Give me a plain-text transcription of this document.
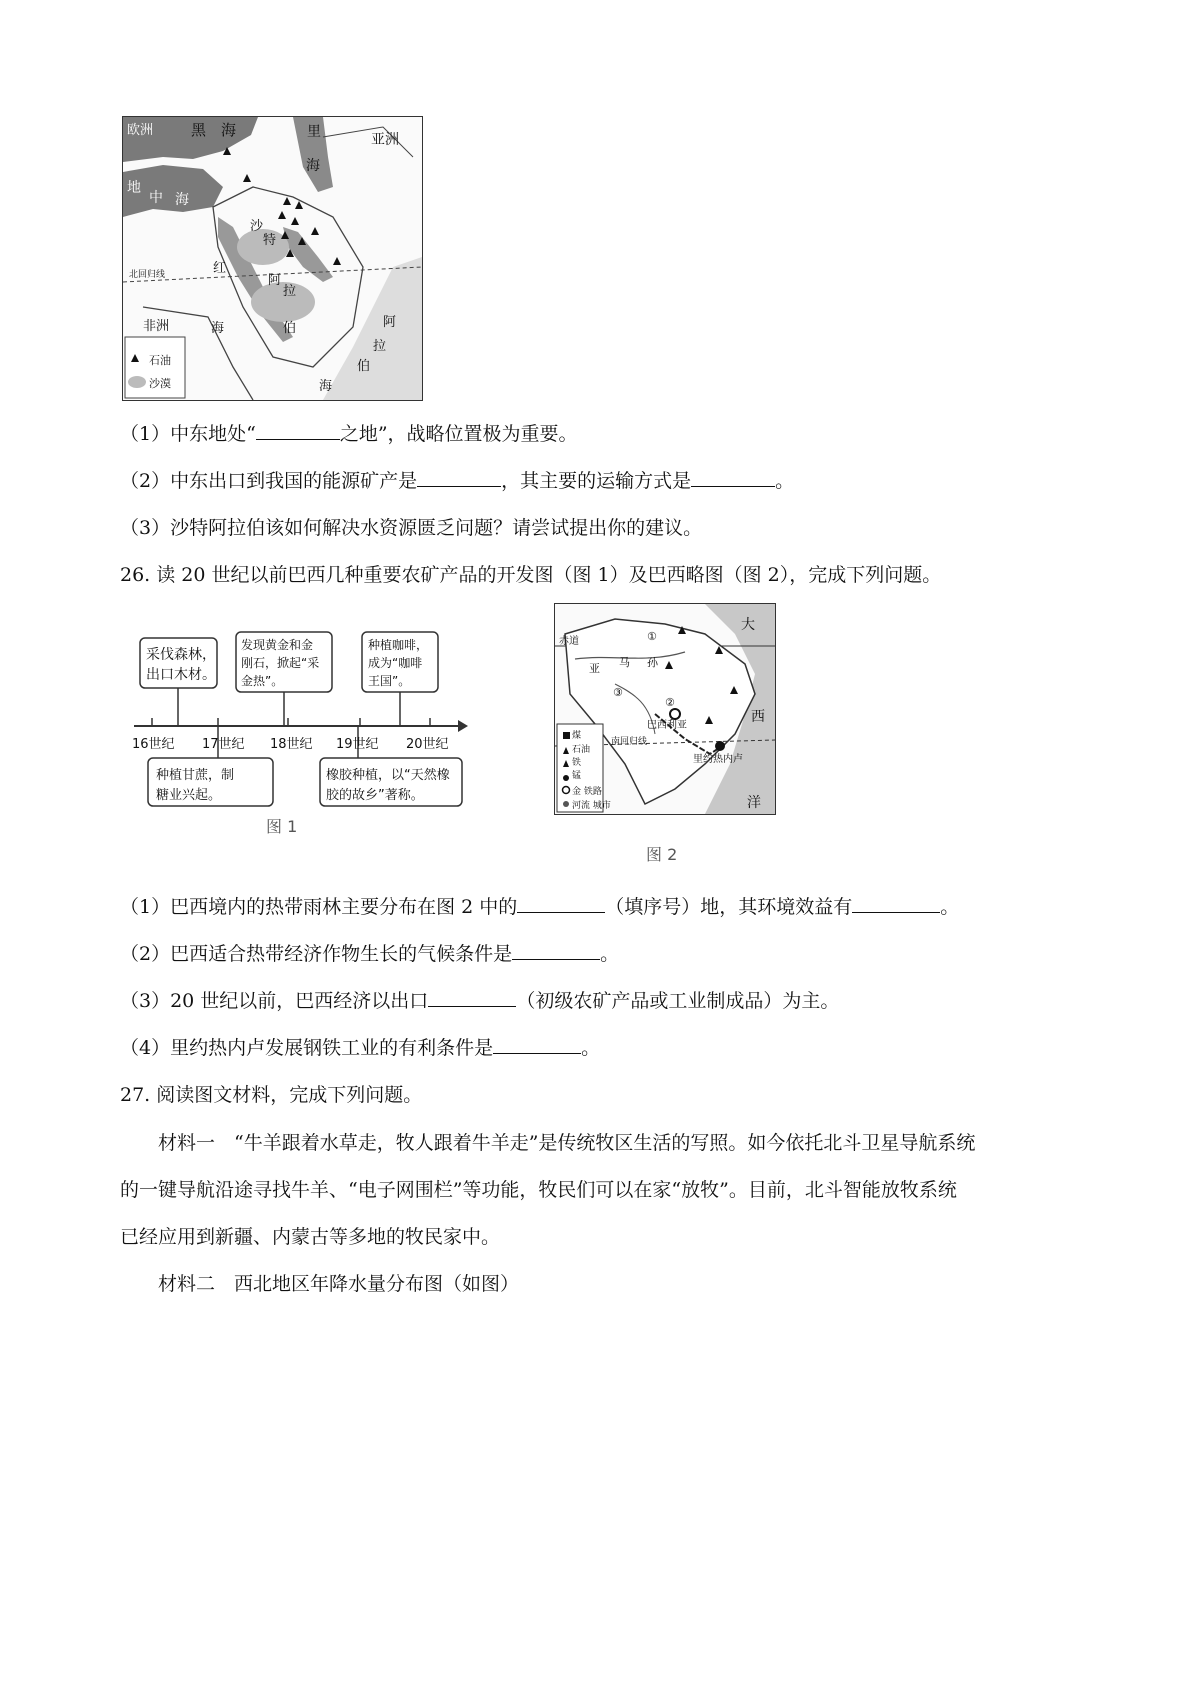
欧洲	黑 海	里
海
亚洲
地
中 海
沙
特
阿
拉
伯
红
海
北回归线
非洲	阿
拉
伯
海
石油
沙漠
（1）中东地处“	之地”，战略位置极为重要。
（2）中东出口到我国的能源矿产是	，其主要的运输方式是	。
（3）沙特阿拉伯该如何解决水资源匮乏问题？请尝试提出你的建议。
26. 读 20 世纪以前巴西几种重要农矿产品的开发图（图 1）及巴西略图（图 2），完成下列问题。
采伐森林，
出口木材。
发现黄金和金
刚石，掀起“采
金热”。
种植咖啡，
成为“咖啡
王国”。
16世纪 17世纪 18世纪 19世纪 20世纪
种植甘蔗，制
糖业兴起。
橡胶种植，以“天然橡
胶的故乡”著称。
图 1
赤道
大
西
洋
①
②
③
亚 马 孙
巴西利亚
南回归线
里约热内卢
煤
石油
铁
锰
金 铁路
河流 城市
图 2
（1）巴西境内的热带雨林主要分布在图 2 中的	（填序号）地，其环境效益有	。
（2）巴西适合热带经济作物生长的气候条件是	。
（3）20 世纪以前，巴西经济以出口	（初级农矿产品或工业制成品）为主。
（4）里约热内卢发展钢铁工业的有利条件是	。
27. 阅读图文材料，完成下列问题。
材料一　“牛羊跟着水草走，牧人跟着牛羊走”是传统牧区生活的写照。如今依托北斗卫星导航系统
的一键导航沿途寻找牛羊、“电子网围栏”等功能，牧民们可以在家“放牧”。目前，北斗智能放牧系统
已经应用到新疆、内蒙古等多地的牧民家中。
材料二　西北地区年降水量分布图（如图）
